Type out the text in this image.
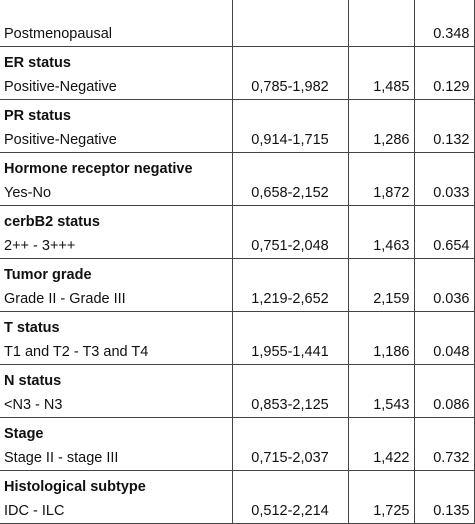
Postmenopausal			0.348
ER status			
Positive-Negative	0,785-1,982	1,485	0.129
PR status			
Positive-Negative	0,914-1,715	1,286	0.132
Hormone receptor negative			
Yes-No	0,658-2,152	1,872	0.033
cerbB2 status			
2++ - 3+++	0,751-2,048	1,463	0.654
Tumor grade			
Grade II - Grade III	1,219-2,652	2,159	0.036
T status			
T1 and T2 - T3 and T4	1,955-1,441	1,186	0.048
N status			
<N3 - N3	0,853-2,125	1,543	0.086
Stage			
Stage II - stage III	0,715-2,037	1,422	0.732
Histological subtype			
IDC - ILC	0,512-2,214	1,725	0.135
